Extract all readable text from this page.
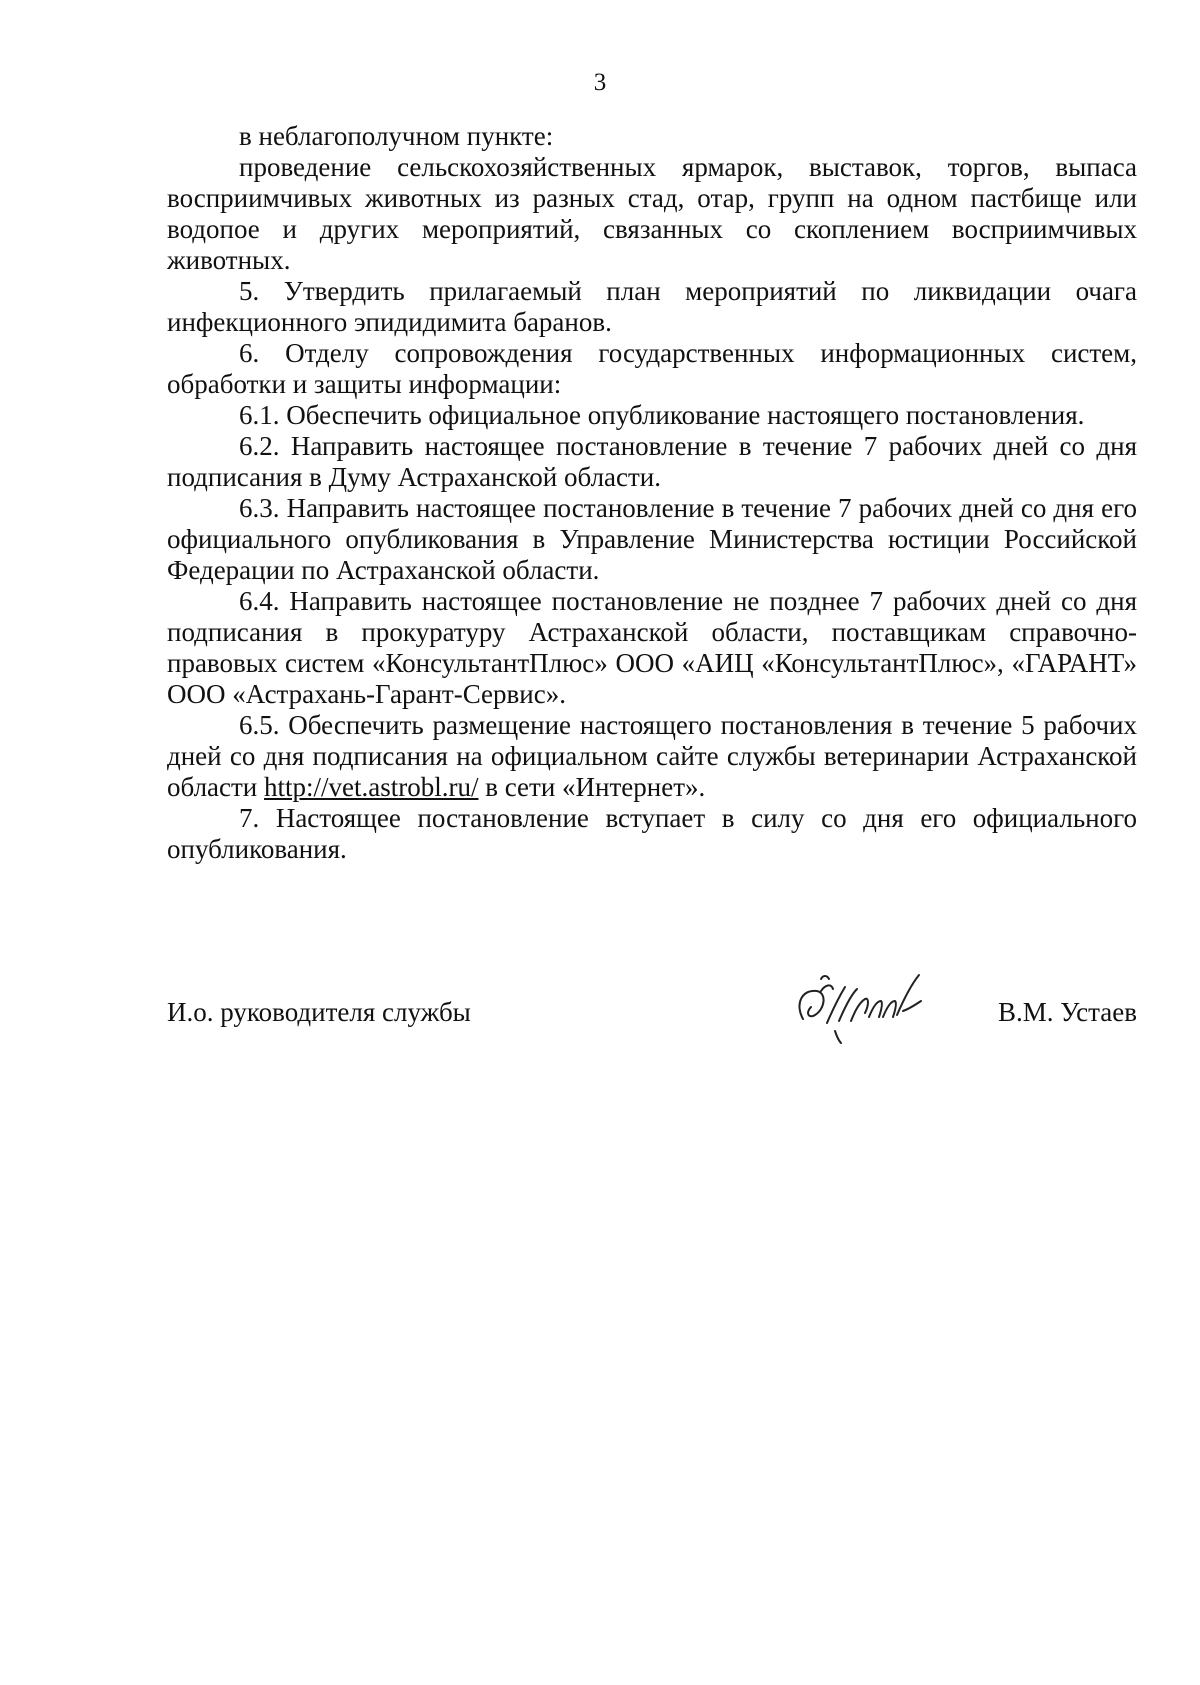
3

в неблагополучном пункте:

проведение сельскохозяйственных ярмарок, выставок, торгов, выпаса восприимчивых животных из разных стад, отар, групп на одном пастбище или водопое и других мероприятий, связанных со скоплением восприимчивых животных.

5. Утвердить прилагаемый план мероприятий по ликвидации очага инфекционного эпидидимита баранов.

6. Отделу сопровождения государственных информационных систем, обработки и защиты информации:

6.1. Обеспечить официальное опубликование настоящего постановления.

6.2. Направить настоящее постановление в течение 7 рабочих дней со дня подписания в Думу Астраханской области.

6.3. Направить настоящее постановление в течение 7 рабочих дней со дня его официального опубликования в Управление Министерства юстиции Российской Федерации по Астраханской области.

6.4. Направить настоящее постановление не позднее 7 рабочих дней со дня подписания в прокуратуру Астраханской области, поставщикам справочно-правовых систем «КонсультантПлюс» ООО «АИЦ «КонсультантПлюс», «ГАРАНТ» ООО «Астрахань-Гарант-Сервис».

6.5. Обеспечить размещение настоящего постановления в течение 5 рабочих дней со дня подписания на официальном сайте службы ветеринарии Астраханской области http://vet.astrobl.ru/ в сети «Интернет».

7. Настоящее постановление вступает в силу со дня его официального опубликования.

И.о. руководителя службы	В.М. Устаев
